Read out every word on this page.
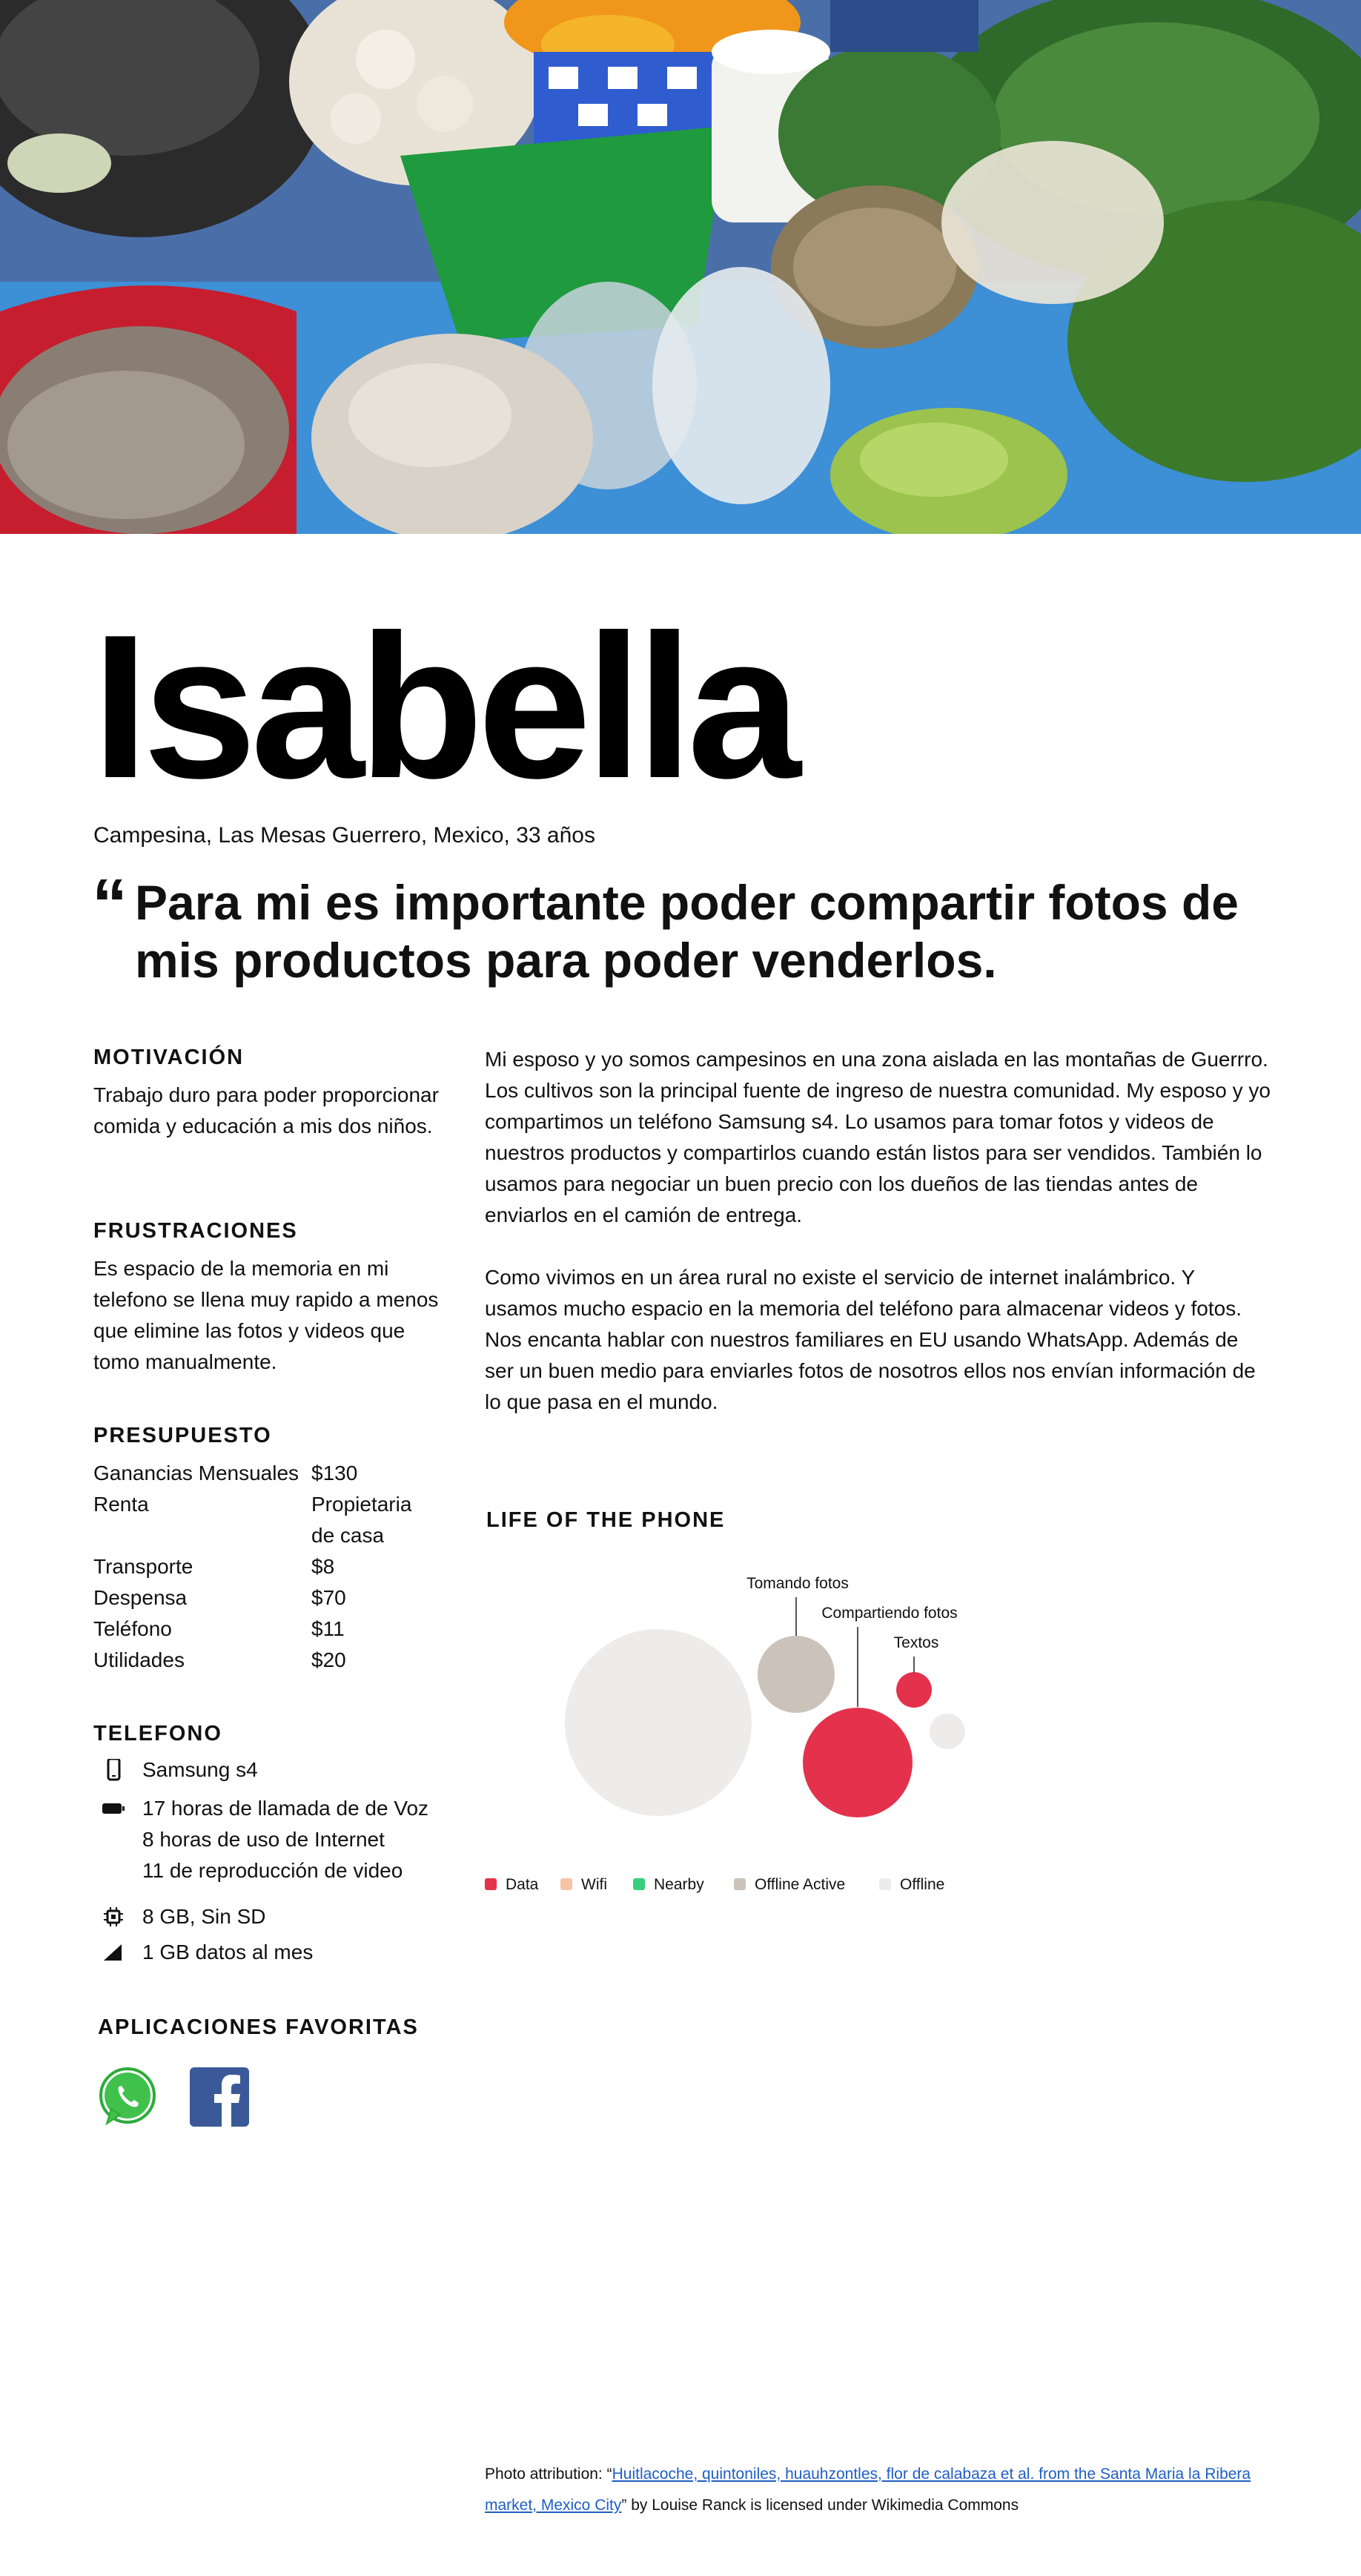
Isabella
Campesina, Las Mesas Guerrero, Mexico, 33 años
“ Para mi es importante poder compartir fotos de mis productos para poder venderlos.

MOTIVACIÓN

Trabajo duro para poder proporcionar comida y educación a mis dos niños.

FRUSTRACIONES

Es espacio de la memoria en mi telefono se llena muy rapido a menos que elimine las fotos y videos que tomo manualmente.

PRESUPUESTO
Ganancias Mensuales $130
Renta	Propietaria de casa
Transporte	$8
Despensa	$70
Teléfono	$11
Utilidades	$20
TELEFONO
Samsung s4
17 horas de llamada de de Voz
8 horas de uso de Internet
11 de reproducción de video
8 GB, Sin SD
1 GB datos al mes
APLICACIONES FAVORITAS

Mi esposo y yo somos campesinos en una zona aislada en las montañas de Guerrro. Los cultivos son la principal fuente de ingreso de nuestra comunidad. My esposo y yo compartimos un teléfono Samsung s4. Lo usamos para tomar fotos y videos de nuestros productos y compartirlos cuando están listos para ser vendidos. También lo usamos para negociar un buen precio con los dueños de las tiendas antes de enviarlos en el camión de entrega.

Como vivimos en un área rural no existe el servicio de internet inalámbrico. Y usamos mucho espacio en la memoria del teléfono para almacenar videos y fotos. Nos encanta hablar con nuestros familiares en EU usando WhatsApp. Además de ser un buen medio para enviarles fotos de nosotros ellos nos envían información de lo que pasa en el mundo.

LIFE OF THE PHONE
Tomando fotos
Compartiendo fotos
Textos
Data	Wifi	Nearby	Offline Active	Offline
Photo attribution: “Huitlacoche, quintoniles, huauhzontles, flor de calabaza et al. from the Santa Maria la Ribera market, Mexico City” by Louise Ranck is licensed under Wikimedia Commons
